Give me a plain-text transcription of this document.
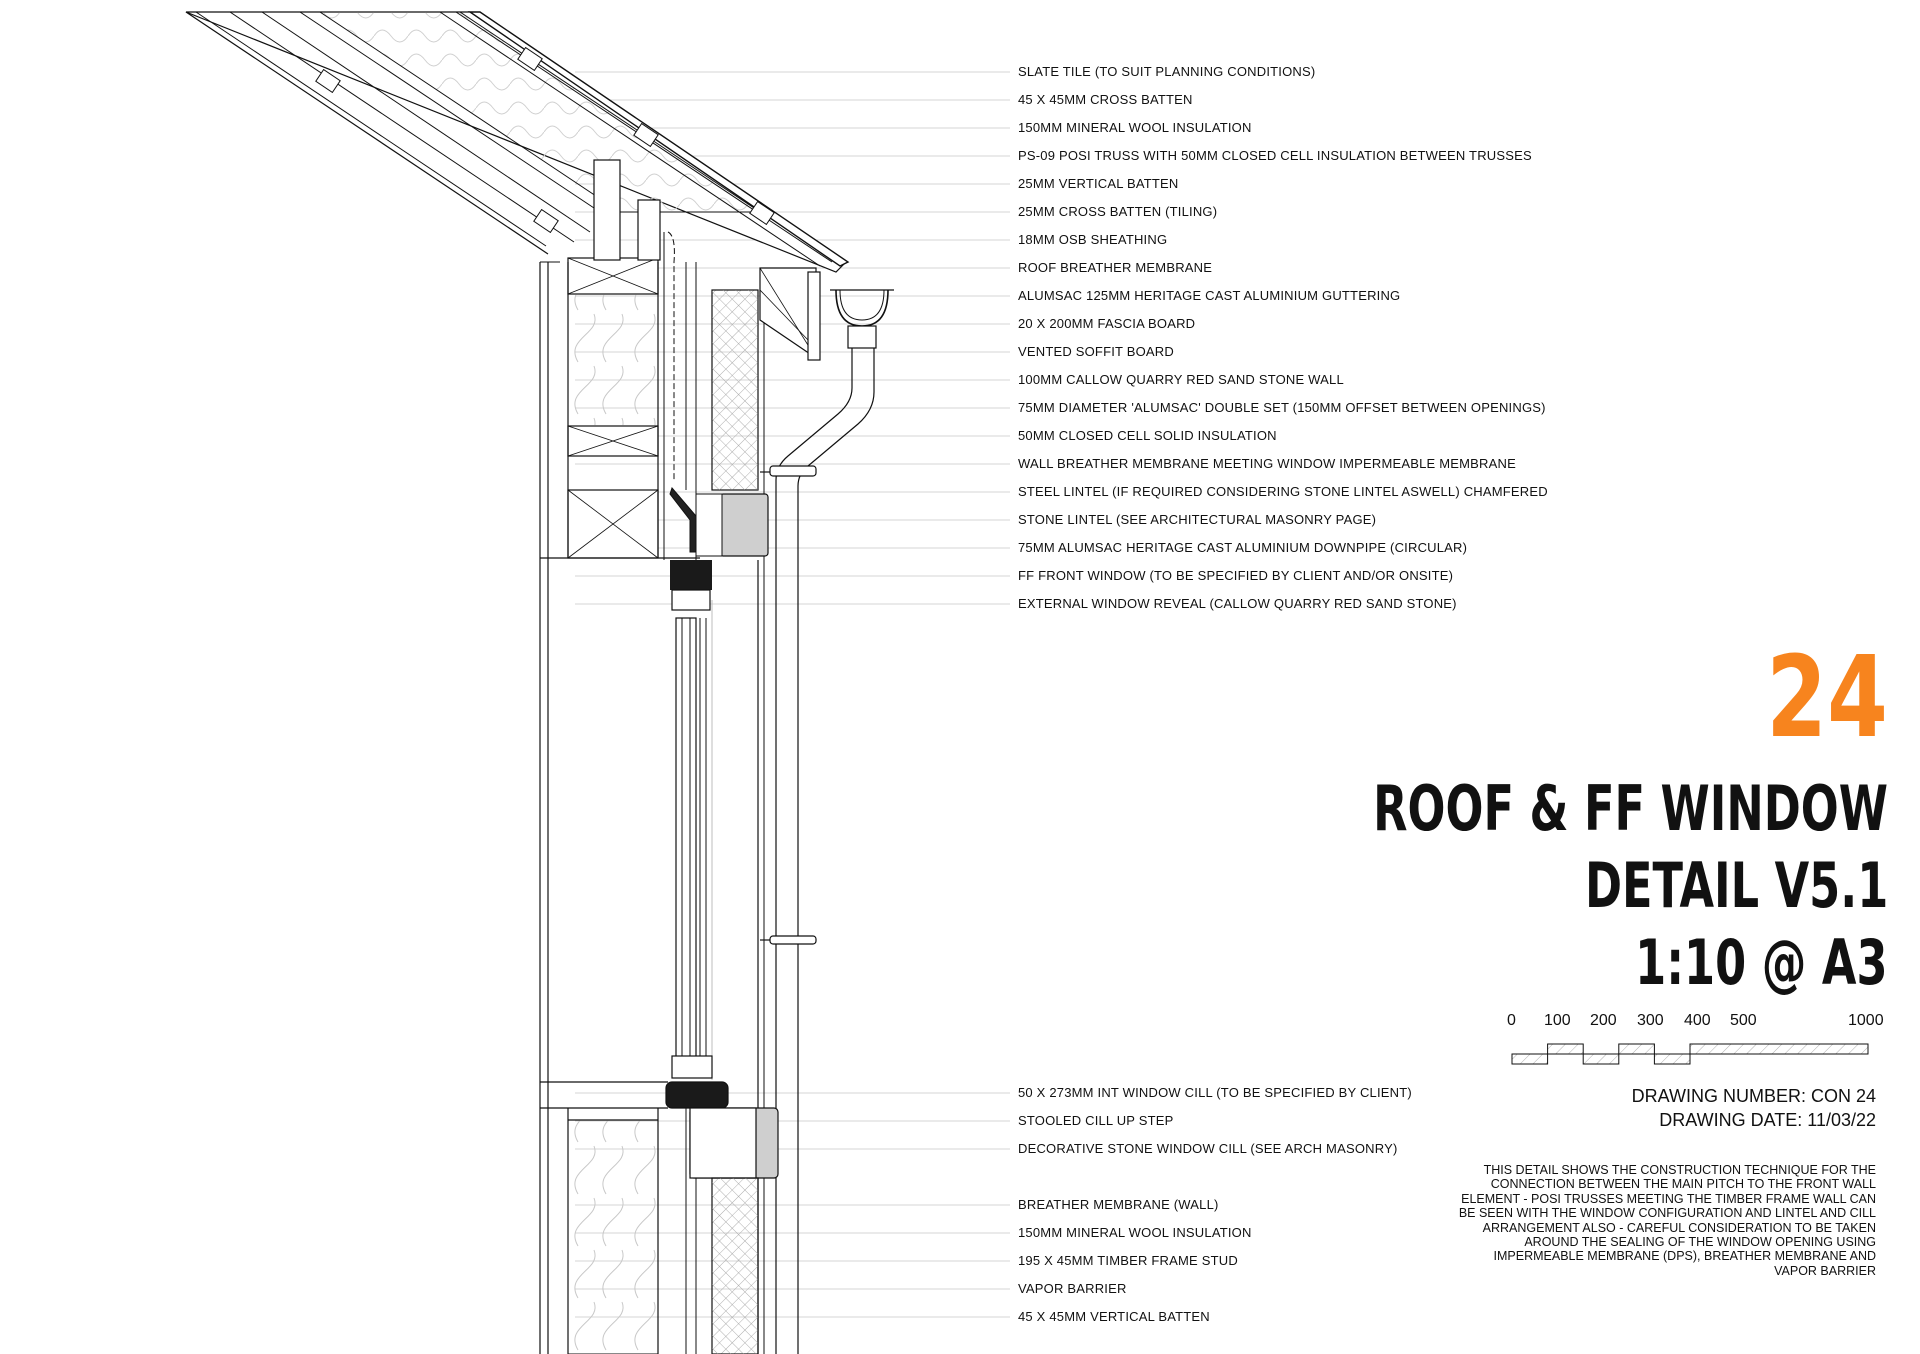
SLATE TILE (TO SUIT PLANNING CONDITIONS)
45 X 45MM CROSS BATTEN
150MM MINERAL WOOL INSULATION
PS-09 POSI TRUSS WITH 50MM CLOSED CELL INSULATION BETWEEN TRUSSES
25MM VERTICAL BATTEN
25MM CROSS BATTEN (TILING)
18MM OSB SHEATHING
ROOF BREATHER MEMBRANE
ALUMSAC 125MM HERITAGE CAST ALUMINIUM GUTTERING
20 X 200MM FASCIA BOARD
VENTED SOFFIT BOARD
100MM CALLOW QUARRY RED SAND STONE WALL
75MM DIAMETER 'ALUMSAC' DOUBLE SET (150MM OFFSET BETWEEN OPENINGS)
50MM CLOSED CELL SOLID INSULATION
WALL BREATHER MEMBRANE MEETING WINDOW IMPERMEABLE MEMBRANE
STEEL LINTEL (IF REQUIRED CONSIDERING STONE LINTEL ASWELL) CHAMFERED
STONE LINTEL (SEE ARCHITECTURAL MASONRY PAGE)
75MM ALUMSAC HERITAGE CAST ALUMINIUM DOWNPIPE (CIRCULAR)
FF FRONT WINDOW (TO BE SPECIFIED BY CLIENT AND/OR ONSITE)
EXTERNAL WINDOW REVEAL (CALLOW QUARRY RED SAND STONE)
50 X 273MM INT WINDOW CILL (TO BE SPECIFIED BY CLIENT)
STOOLED CILL UP STEP
DECORATIVE STONE WINDOW CILL (SEE ARCH MASONRY)
BREATHER MEMBRANE (WALL)
150MM MINERAL WOOL INSULATION
195 X 45MM TIMBER FRAME STUD
VAPOR BARRIER
45 X 45MM VERTICAL BATTEN
24
ROOF & FF WINDOW
DETAIL V5.1
1:10 @ A3
0 100 200 300 400 500	1000
DRAWING NUMBER: CON 24
DRAWING DATE: 11/03/22

THIS DETAIL SHOWS THE CONSTRUCTION TECHNIQUE FOR THE CONNECTION BETWEEN THE MAIN PITCH TO THE FRONT WALL ELEMENT - POSI TRUSSES MEETING THE TIMBER FRAME WALL CAN BE SEEN WITH THE WINDOW CONFIGURATION AND LINTEL AND CILL ARRANGEMENT ALSO - CAREFUL CONSIDERATION TO BE TAKEN AROUND THE SEALING OF THE WINDOW OPENING USING IMPERMEABLE MEMBRANE (DPS), BREATHER MEMBRANE AND VAPOR BARRIER
